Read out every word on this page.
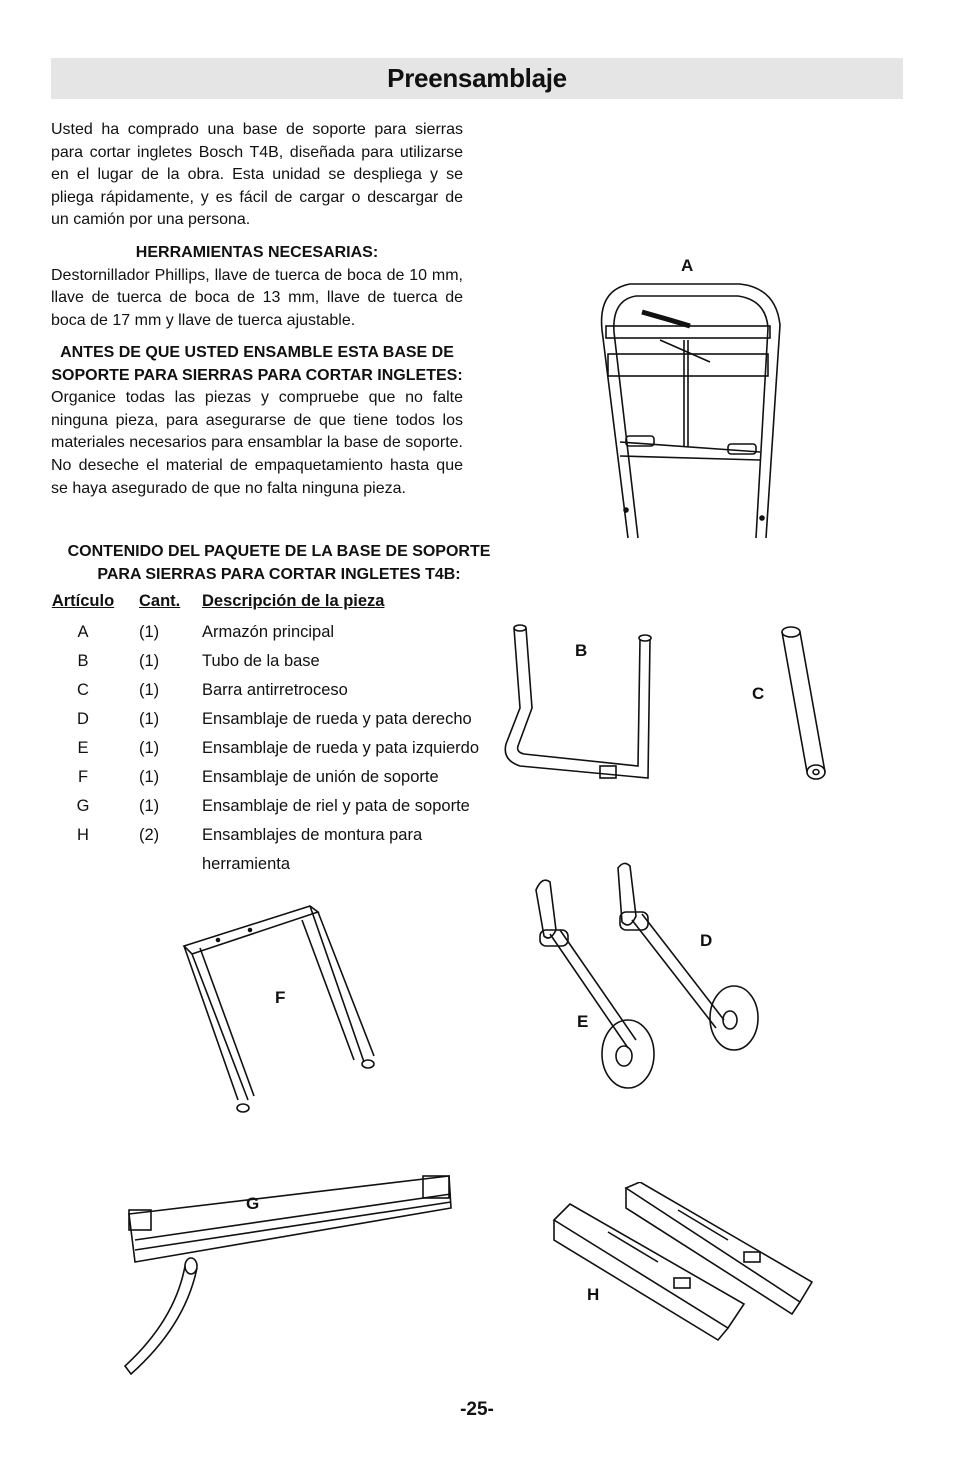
Preensamblaje

Usted ha comprado una base de soporte para sierras para cortar ingletes Bosch T4B, diseñada para utilizarse en el lugar de la obra. Esta unidad se despliega y se pliega rápidamente, y es fácil de cargar o descargar de un camión por una persona.

HERRAMIENTAS NECESARIAS:

Destornillador Phillips, llave de tuerca de boca de 10 mm, llave de tuerca de boca de 13 mm, llave de tuerca de boca de 17 mm y llave de tuerca ajustable.

ANTES DE QUE USTED ENSAMBLE ESTA BASE DE SOPORTE PARA SIERRAS PARA CORTAR INGLETES:

Organice todas las piezas y compruebe que no falte ninguna pieza, para asegurarse de que tiene todos los materiales necesarios para ensamblar la base de soporte. No deseche el material de empaquetamiento hasta que se haya asegurado de que no falta ninguna pieza.

CONTENIDO DEL PAQUETE DE LA BASE DE SOPORTE
PARA SIERRAS PARA CORTAR INGLETES T4B:
Artículo Cant. Descripción de la pieza
A	(1)	Armazón principal
B	(1)	Tubo de la base
C	(1)	Barra antirretroceso
D	(1)	Ensamblaje de rueda y pata derecho
E	(1)	Ensamblaje de rueda y pata izquierdo
F	(1)	Ensamblaje de unión de soporte
G	(1)	Ensamblaje de riel y pata de soporte
H	(2)	Ensamblajes de montura para
herramienta
A
B
C
D
E
F
G
H
-25-
